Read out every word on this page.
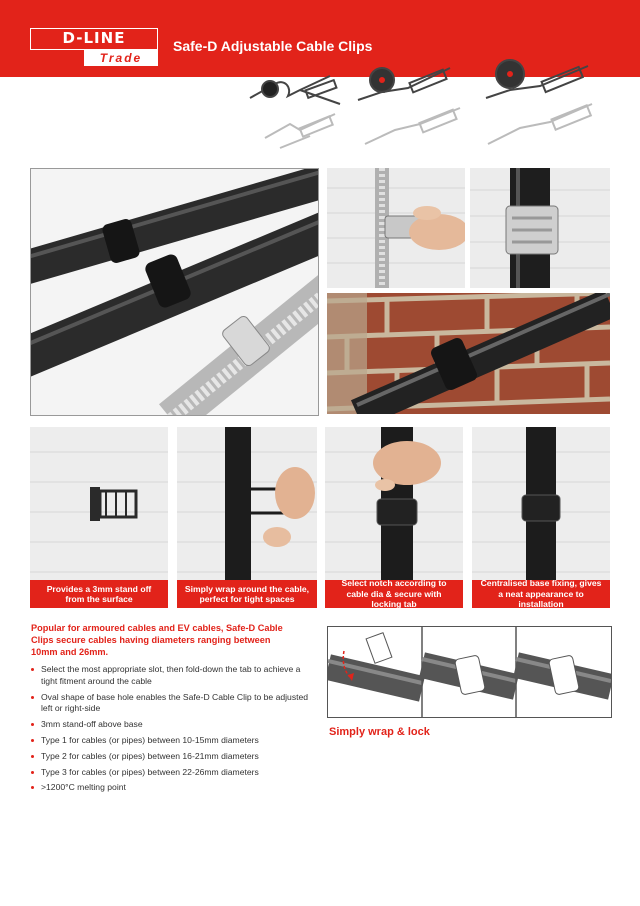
D-LINE
Trade
Safe-D Adjustable Cable Clips
Provides a 3mm stand off from the surface
Simply wrap around the cable, perfect for tight spaces
Select notch according to cable dia & secure with locking tab
Centralised base fixing, gives a neat appearance to installation
Popular for armoured cables and EV cables, Safe-D Cable Clips secure cables having diameters ranging between 10mm and 26mm.
Select the most appropriate slot, then fold-down the tab to achieve a tight fitment around the cable
Oval shape of base hole enables the Safe-D Cable Clip to be adjusted left or right-side
3mm stand-off above base
Type 1 for cables (or pipes) between 10-15mm diameters
Type 2 for cables (or pipes) between 16-21mm diameters
Type 3 for cables (or pipes) between 22-26mm diameters
>1200°C melting point
Simply wrap & lock
